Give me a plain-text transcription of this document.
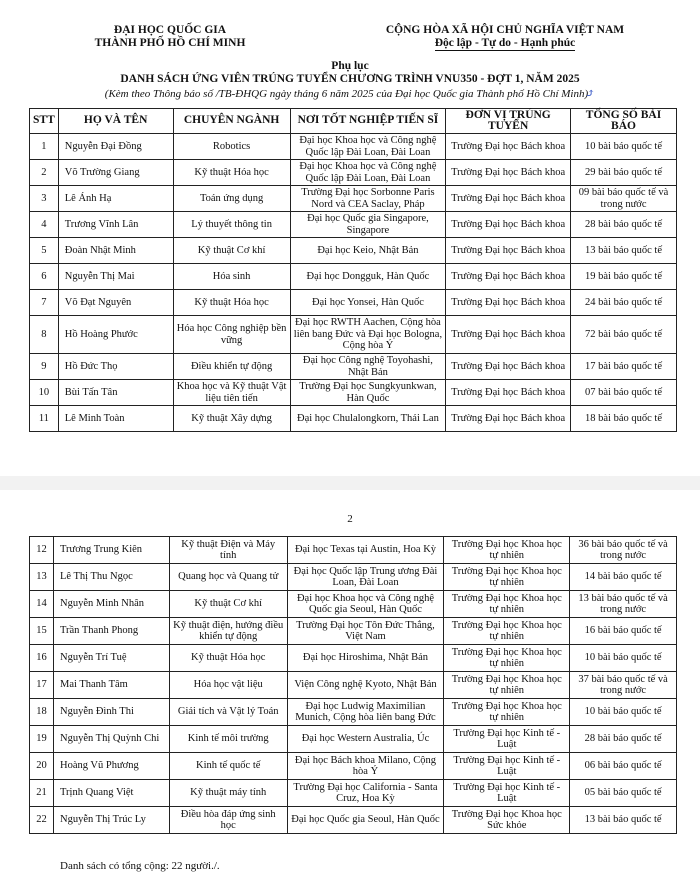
ĐẠI HỌC QUỐC GIA
THÀNH PHỐ HỒ CHÍ MINH
CỘNG HÒA XÃ HỘI CHỦ NGHĨA VIỆT NAM
Độc lập - Tự do - Hạnh phúc
Phụ lục
DANH SÁCH ỨNG VIÊN TRÚNG TUYỂN CHƯƠNG TRÌNH VNU350 - ĐỢT 1, NĂM 2025
(Kèm theo Thông báo số /TB-ĐHQG ngày tháng 6 năm 2025 của Đại học Quốc gia Thành phố Hồ Chí Minh)⤴
STT	HỌ VÀ TÊN	CHUYÊN NGÀNH	NƠI TỐT NGHIỆP TIẾN SĨ	ĐƠN VỊ TRÚNG TUYỂN	TỔNG SỐ BÀI BÁO
1	Nguyễn Đại Đồng	Robotics	Đại học Khoa học và Công nghệ Quốc lập Đài Loan, Đài Loan	Trường Đại học Bách khoa	10 bài báo quốc tế
2	Võ Trường Giang	Kỹ thuật Hóa học	Đại học Khoa học và Công nghệ Quốc lập Đài Loan, Đài Loan	Trường Đại học Bách khoa	29 bài báo quốc tế
3	Lê Ánh Hạ	Toán ứng dụng	Trường Đại học Sorbonne Paris Nord và CEA Saclay, Pháp	Trường Đại học Bách khoa	09 bài báo quốc tế và trong nước
4	Trương Vĩnh Lân	Lý thuyết thông tin	Đại học Quốc gia Singapore, Singapore	Trường Đại học Bách khoa	28 bài báo quốc tế
5	Đoàn Nhật Minh	Kỹ thuật Cơ khí	Đại học Keio, Nhật Bản	Trường Đại học Bách khoa	13 bài báo quốc tế
6	Nguyễn Thị Mai	Hóa sinh	Đại học Dongguk, Hàn Quốc	Trường Đại học Bách khoa	19 bài báo quốc tế
7	Võ Đạt Nguyên	Kỹ thuật Hóa học	Đại học Yonsei, Hàn Quốc	Trường Đại học Bách khoa	24 bài báo quốc tế
8	Hồ Hoàng Phước	Hóa học Công nghiệp bền vững	Đại học RWTH Aachen, Cộng hòa liên bang Đức và Đại học Bologna, Cộng hòa Ý	Trường Đại học Bách khoa	72 bài báo quốc tế
9	Hồ Đức Thọ	Điều khiển tự động	Đại học Công nghệ Toyohashi, Nhật Bản	Trường Đại học Bách khoa	17 bài báo quốc tế
10	Bùi Tấn Tân	Khoa học và Kỹ thuật Vật liệu tiên tiến	Trường Đại học Sungkyunkwan, Hàn Quốc	Trường Đại học Bách khoa	07 bài báo quốc tế
11	Lê Minh Toàn	Kỹ thuật Xây dựng	Đại học Chulalongkorn, Thái Lan	Trường Đại học Bách khoa	18 bài báo quốc tế
2
12	Trương Trung Kiên	Kỹ thuật Điện và Máy tính	Đại học Texas tại Austin, Hoa Kỳ	Trường Đại học Khoa học tự nhiên	36 bài báo quốc tế và trong nước
13	Lê Thị Thu Ngọc	Quang học và Quang tử	Đại học Quốc lập Trung ương Đài Loan, Đài Loan	Trường Đại học Khoa học tự nhiên	14 bài báo quốc tế
14	Nguyễn Minh Nhân	Kỹ thuật Cơ khí	Đại học Khoa học và Công nghệ Quốc gia Seoul, Hàn Quốc	Trường Đại học Khoa học tự nhiên	13 bài báo quốc tế và trong nước
15	Trần Thanh Phong	Kỹ thuật điện, hướng điều khiển tự động	Trường Đại học Tôn Đức Thắng, Việt Nam	Trường Đại học Khoa học tự nhiên	16 bài báo quốc tế
16	Nguyễn Trí Tuệ	Kỹ thuật Hóa học	Đại học Hiroshima, Nhật Bản	Trường Đại học Khoa học tự nhiên	10 bài báo quốc tế
17	Mai Thanh Tâm	Hóa học vật liệu	Viện Công nghệ Kyoto, Nhật Bản	Trường Đại học Khoa học tự nhiên	37 bài báo quốc tế và trong nước
18	Nguyễn Đình Thi	Giải tích và Vật lý Toán	Đại học Ludwig Maximilian Munich, Cộng hòa liên bang Đức	Trường Đại học Khoa học tự nhiên	10 bài báo quốc tế
19	Nguyễn Thị Quỳnh Chi	Kinh tế môi trường	Đại học Western Australia, Úc	Trường Đại học Kinh tế - Luật	28 bài báo quốc tế
20	Hoàng Vũ Phương	Kinh tế quốc tế	Đại học Bách khoa Milano, Cộng hòa Ý	Trường Đại học Kinh tế - Luật	06 bài báo quốc tế
21	Trịnh Quang Việt	Kỹ thuật máy tính	Trường Đại học California - Santa Cruz, Hoa Kỳ	Trường Đại học Kinh tế - Luật	05 bài báo quốc tế
22	Nguyễn Thị Trúc Ly	Điều hòa đáp ứng sinh học	Đại học Quốc gia Seoul, Hàn Quốc	Trường Đại học Khoa học Sức khỏe	13 bài báo quốc tế
Danh sách có tổng cộng: 22 người./.
